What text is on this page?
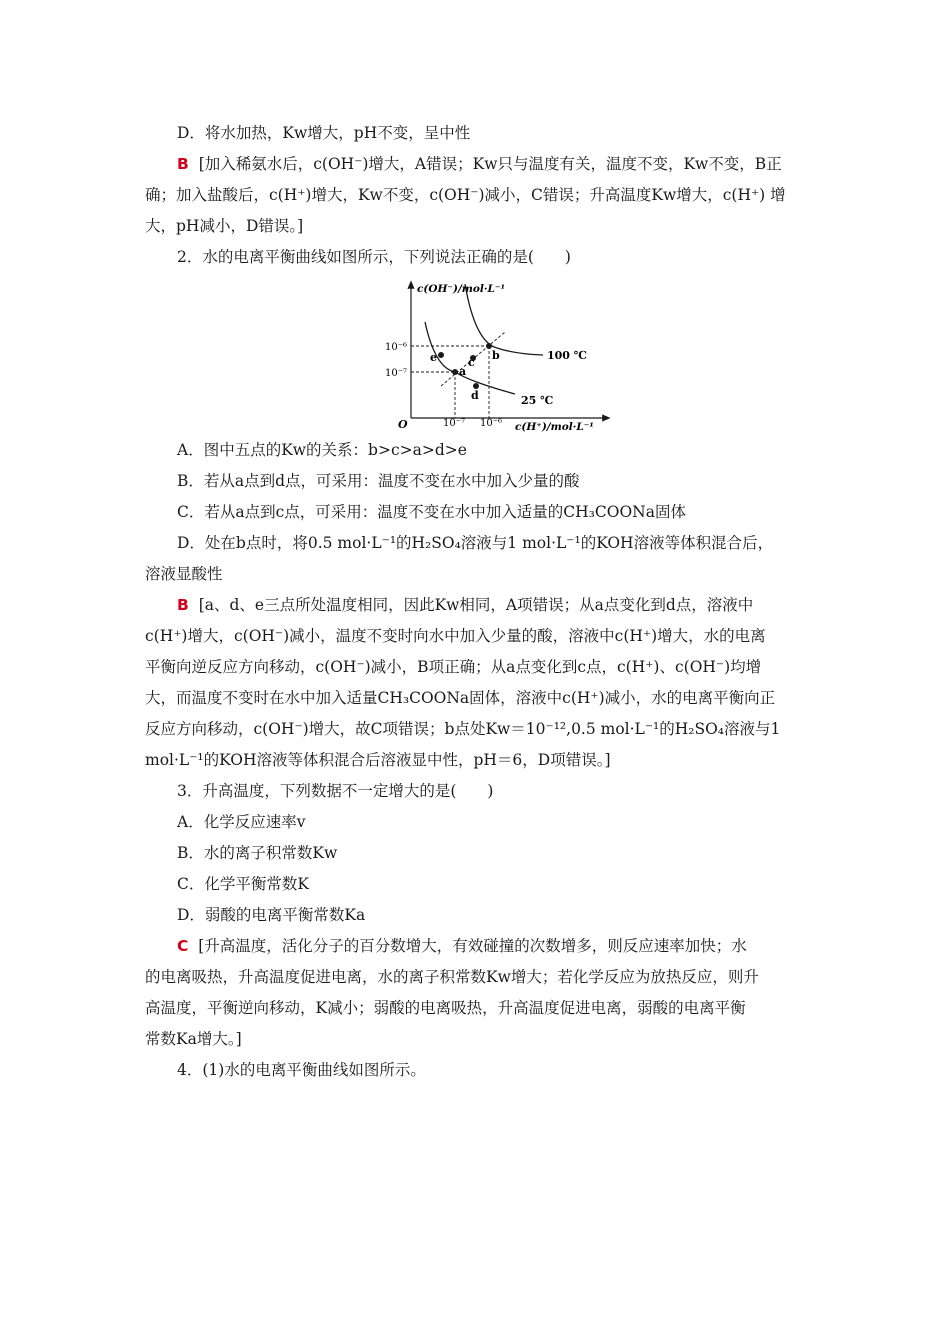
D．将水加热，Kw增大，pH不变，呈中性
B [加入稀氨水后，c(OH⁻)增大，A错误；Kw只与温度有关，温度不变，Kw不变，B正
确；加入盐酸后，c(H⁺)增大，Kw不变，c(OH⁻)减小，C错误；升高温度Kw增大，c(H⁺) 增
大，pH减小，D错误。]
2．水的电离平衡曲线如图所示，下列说法正确的是(　　)
c(OH⁻)/mol·L⁻¹
c(H⁺)/mol·L⁻¹
O
10⁻⁶
10⁻⁷
10⁻⁷ 10⁻⁶
100 ℃
25 ℃
e
a
c
b
d
A．图中五点的Kw的关系：b>c>a>d>e
B．若从a点到d点，可采用：温度不变在水中加入少量的酸
C．若从a点到c点，可采用：温度不变在水中加入适量的CH₃COONa固体
D．处在b点时，将0.5 mol·L⁻¹的H₂SO₄溶液与1 mol·L⁻¹的KOH溶液等体积混合后，
溶液显酸性
B [a、d、e三点所处温度相同，因此Kw相同，A项错误；从a点变化到d点，溶液中
c(H⁺)增大，c(OH⁻)减小，温度不变时向水中加入少量的酸，溶液中c(H⁺)增大，水的电离
平衡向逆反应方向移动，c(OH⁻)减小，B项正确；从a点变化到c点，c(H⁺)、c(OH⁻)均增
大，而温度不变时在水中加入适量CH₃COONa固体，溶液中c(H⁺)减小，水的电离平衡向正
反应方向移动，c(OH⁻)增大，故C项错误；b点处Kw＝10⁻¹²,0.5 mol·L⁻¹的H₂SO₄溶液与1
mol·L⁻¹的KOH溶液等体积混合后溶液显中性，pH＝6，D项错误。]
3．升高温度，下列数据不一定增大的是(　　)
A．化学反应速率v
B．水的离子积常数Kw
C．化学平衡常数K
D．弱酸的电离平衡常数Ka
C [升高温度，活化分子的百分数增大，有效碰撞的次数增多，则反应速率加快；水
的电离吸热，升高温度促进电离，水的离子积常数Kw增大；若化学反应为放热反应，则升
高温度，平衡逆向移动，K减小；弱酸的电离吸热，升高温度促进电离，弱酸的电离平衡
常数Ka增大。]
4．(1)水的电离平衡曲线如图所示。
